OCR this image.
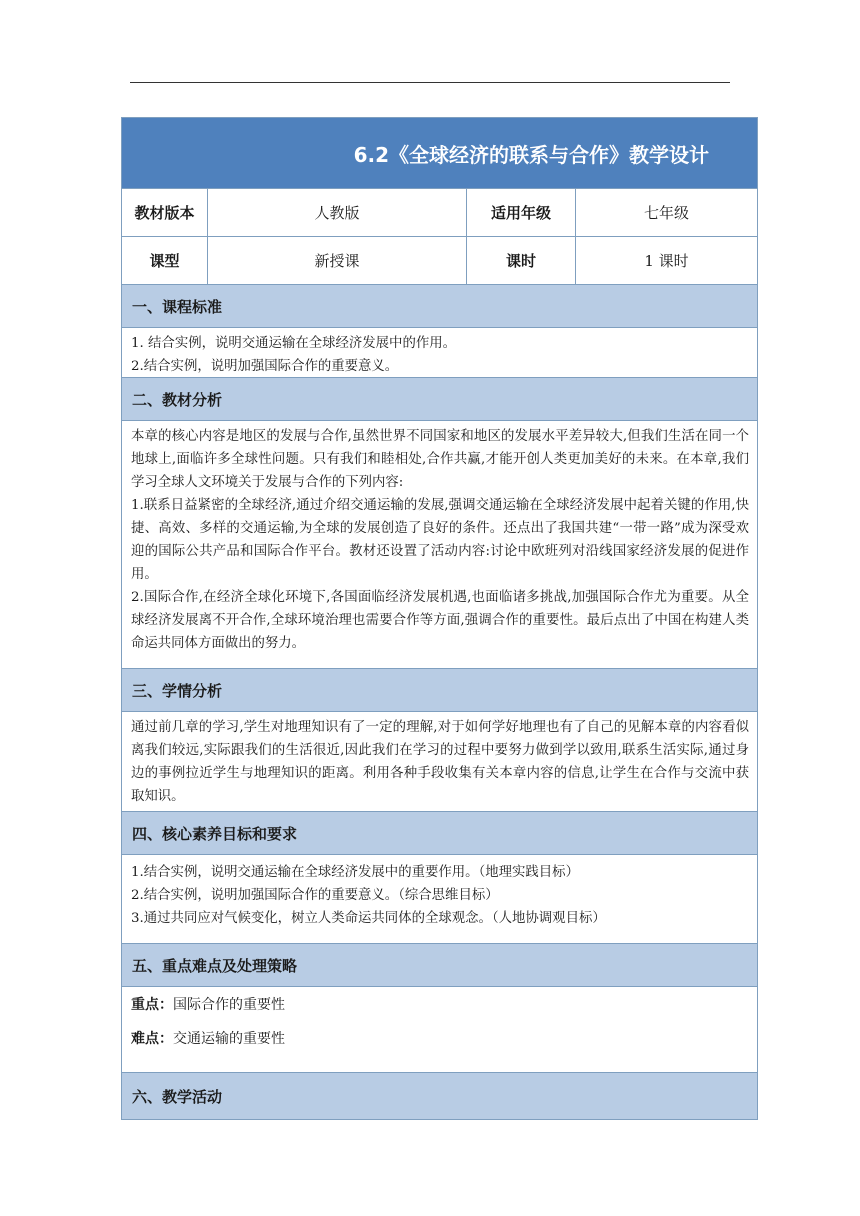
6.2《全球经济的联系与合作》教学设计
教材版本	人教版	适用年级	七年级
课型	新授课	课时	1 课时
一、课程标准

1. 结合实例，说明交通运输在全球经济发展中的作用。

2.结合实例，说明加强国际合作的重要意义。

二、教材分析

本章的核心内容是地区的发展与合作,虽然世界不同国家和地区的发展水平差异较大,但我们生活在同一个地球上,面临许多全球性问题。只有我们和睦相处,合作共赢,才能开创人类更加美好的未来。在本章,我们学习全球人文环境关于发展与合作的下列内容:

1.联系日益紧密的全球经济,通过介绍交通运输的发展,强调交通运输在全球经济发展中起着关键的作用,快捷、高效、多样的交通运输,为全球的发展创造了良好的条件。还点出了我国共建“一带一路”成为深受欢迎的国际公共产品和国际合作平台。教材还设置了活动内容:讨论中欧班列对沿线国家经济发展的促进作用。

2.国际合作,在经济全球化环境下,各国面临经济发展机遇,也面临诸多挑战,加强国际合作尤为重要。从全球经济发展离不开合作,全球环境治理也需要合作等方面,强调合作的重要性。最后点出了中国在构建人类命运共同体方面做出的努力。

三、学情分析

通过前几章的学习,学生对地理知识有了一定的理解,对于如何学好地理也有了自己的见解本章的内容看似离我们较远,实际跟我们的生活很近,因此我们在学习的过程中要努力做到学以致用,联系生活实际,通过身边的事例拉近学生与地理知识的距离。利用各种手段收集有关本章内容的信息,让学生在合作与交流中获取知识。

四、核心素养目标和要求

1.结合实例，说明交通运输在全球经济发展中的重要作用。（地理实践目标）

2.结合实例，说明加强国际合作的重要意义。（综合思维目标）

3.通过共同应对气候变化，树立人类命运共同体的全球观念。（人地协调观目标）

五、重点难点及处理策略

重点：国际合作的重要性

难点：交通运输的重要性

六、教学活动
